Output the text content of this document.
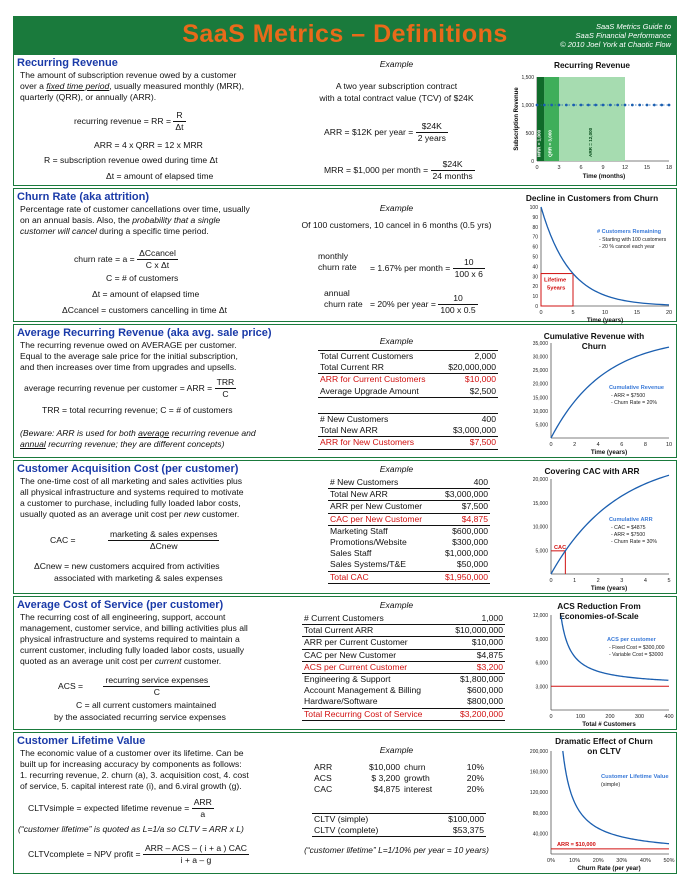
SaaS Metrics – Definitions	SaaS Metrics Guide to
SaaS Financial Performance
© 2010 Joel York at Chaotic Flow
Recurring Revenue
The amount of subscription revenue owed by a customer
over a fixed time period, usually measured monthly (MRR),
quarterly (QRR), or annually (ARR).
recurring revenue = RR = $\frac{R}{\Delta t}$
ARR = 4 x QRR = 12 x MRR
R = subscription revenue owed during time Δt
Δt = amount of elapsed time
Example
A two year subscription contract
with a total contract value (TCV) of $24K
ARR = $12K per year = $\frac{\$24K}{\text{2 years}}$
MRR = $1,000 per month = $\frac{\$24K}{\text{24 months}}$
Recurring Revenue
MRR = 1,000 QRR = 3,000	ARR = 12,000
0
500
1,000
1,500
0	3	6	9	12	15	18
Time (months)
Subscription Revenue
Churn Rate (aka attrition)
Percentage rate of customer cancellations over time, usually
on an annual basis. Also, the probability that a single
customer will cancel during a specific time period.
churn rate = $a = \frac{\text{ΔCcancel}}{\text{C x Δt}}$
C = # of customers
Δt = amount of elapsed time
ΔCcancel = customers cancelling in time Δt
Example
Of 100 customers, 10 cancel in 6 months (0.5 yrs)
monthly
churn rate = 1.67% per month = $\frac{10}{100 x 6}$
annual
churn rate = 20% per year = $\frac{10}{100 x 0.5}$
Decline in Customers from Churn
0
10
20
30
40
50
60
70
80
90
100
0	5	10	15	20
Time (years)
Lifetime
5years
# Customers Remaining
- Starting with 100 customers
- 20 % cancel each year
Average Recurring Revenue (aka avg. sale price)
The recurring revenue owed on AVERAGE per customer.
Equal to the average sale price for the initial subscription,
and then increases over time from upgrades and upsells.
average recurring revenue per customer = ARR = $\frac{\text{TRR}}{C}$
TRR = total recurring revenue; C = # of customers
(Beware: ARR is used for both average recurring revenue and
annual recurring revenue; they are different concepts)
Example
Total Current Customers	2,000
Total Current RR	$20,000,000
ARR for Current Customers	$10,000
Average Upgrade Amount	$2,500
# New Customers	400
Total New ARR	$3,000,000
ARR for New Customers	$7,500
Cumulative Revenue with Churn
5,000
10,000
15,000
20,000
25,000
30,000
35,000
0	2	4	6	8	10
Time (years)
Cumulative Revenue
- ARR = $7500
- Churn Rate = 20%
Customer Acquisition Cost (per customer)
The one-time cost of all marketing and sales activities plus
all physical infrastructure and systems required to motivate
a customer to purchase, including fully loaded labor costs,
usually quoted as an average unit cost per new customer.
CAC =	$\frac{\text{marketing \& sales expenses}}{\text{ΔCnew}}$
ΔCnew = new customers acquired from activities
associated with marketing & sales expenses
Example
# New Customers	400
Total New ARR	$3,000,000
ARR per New Customer	$7,500
CAC per New Customer	$4,875
Marketing Staff	$600,000
Promotions/Website	$300,000
Sales Staff	$1,000,000
Sales Systems/T&E	$50,000
Total CAC	$1,950,000
Covering CAC with ARR
CAC
5,000
10,000
15,000
20,000
0	1	2	3	4	5
Time (years)
Cumulative ARR
- CAC = $4875
- ARR = $7500
- Churn Rate = 30%
Average Cost of Service (per customer)
The recurring cost of all engineering, support, account
management, customer service, and billing activities plus all
physical infrastructure and systems required to maintain a
current customer, including fully loaded labor costs, usually
quoted as an average unit cost per current customer.
ACS = $\frac{\text{recurring service expenses}}{C}$
C = all current customers maintained
by the associated recurring service expenses
Example
# Current Customers	1,000
Total Current ARR	$10,000,000
ARR per Current Customer	$10,000
CAC per New Customer	$4,875
ACS per Current Customer	$3,200
Engineering & Support	$1,800,000
Account Management & Billing	$600,000
Hardware/Software	$800,000
Total Recurring Cost of Service	$3,200,000
ACS Reduction From
Economies-of-Scale
3,000
6,000
9,000
12,000
0	100	200	300	400
Total # Customers
ACS per customer
- Fixed Cost = $300,000
- Variable Cost = $3000
Customer Lifetime Value
The economic value of a customer over its lifetime. Can be
built up for increasing accuracy by components as follows:
1. recurring revenue, 2. churn (a), 3. acquisition cost, 4. cost
of service, 5. capital interest rate (i), and 6.viral growth (g).
CLTVsimple = expected lifetime revenue = $\frac{\text{ARR}}{a}$
(“customer lifetime” is quoted as L=1/a so CLTV = ARR x L)
CLTVcomplete = NPV profit = $\frac{\text{ARR – ACS – ( i + a ) CAC}}{i + a - g}$
Example
ARR	$10,000	churn	10%
ACS	$ 3,200	growth	20%
CAC	$4,875	interest	20%
CLTV (simple)	$100,000
CLTV (complete)	$53,375
(“customer lifetime” L=1/10% per year = 10 years)
Dramatic Effect of Churn
on CLTV
ARR = $10,000
40,000
80,000
120,000
160,000
200,000
0%	10% 20% 30% 40% 50%
Churn Rate (per year)
Customer Lifetime Value
(simple)
